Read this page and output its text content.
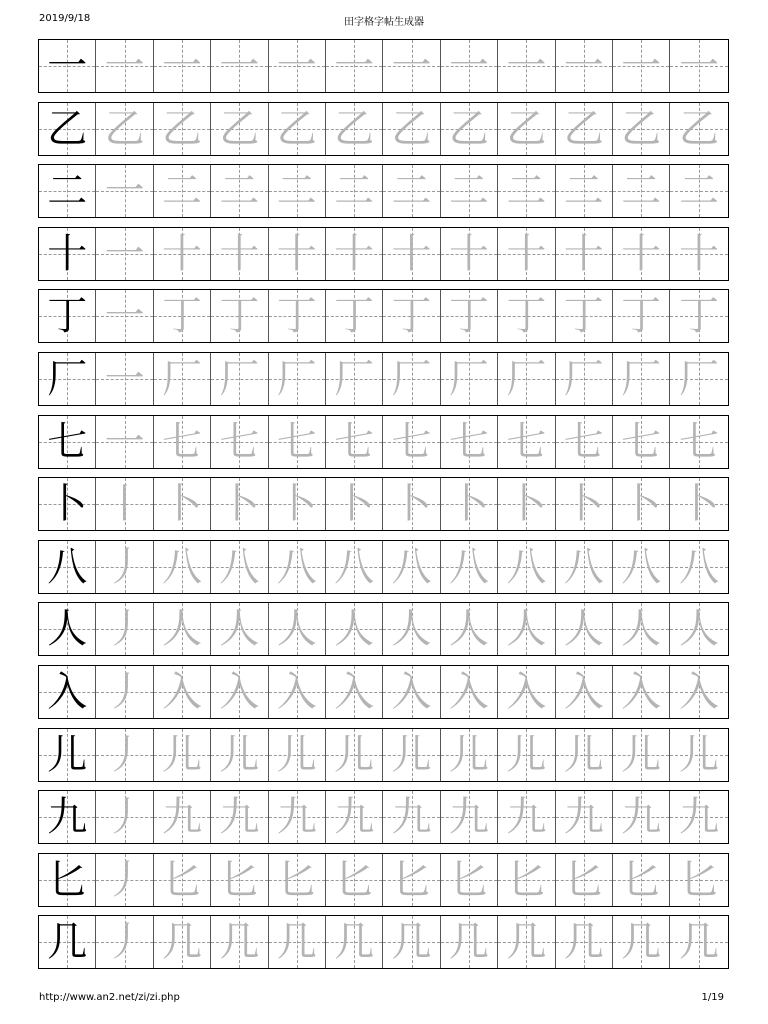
2019/9/18	田字格字帖生成器
一 一 一 一 一 一 一 一 一 一 一 一
乙 乙 乙 乙 乙 乙 乙 乙 乙 乙 乙 乙
二 一 二 二 二 二 二 二 二 二 二 二
十 一 十 十 十 十 十 十 十 十 十 十
丁 一 丁 丁 丁 丁 丁 丁 丁 丁 丁 丁
厂 一 厂 厂 厂 厂 厂 厂 厂 厂 厂 厂
七 一 七 七 七 七 七 七 七 七 七 七
卜 丨 卜 卜 卜 卜 卜 卜 卜 卜 卜 卜
八 丿 八 八 八 八 八 八 八 八 八 八
人 丿 人 人 人 人 人 人 人 人 人 人
入 丿 入 入 入 入 入 入 入 入 入 入
儿 丿 儿 儿 儿 儿 儿 儿 儿 儿 儿 儿
九 丿 九 九 九 九 九 九 九 九 九 九
匕 丿 匕 匕 匕 匕 匕 匕 匕 匕 匕 匕
几 丿 几 几 几 几 几 几 几 几 几 几
http://www.an2.net/zi/zi.php	1/19
